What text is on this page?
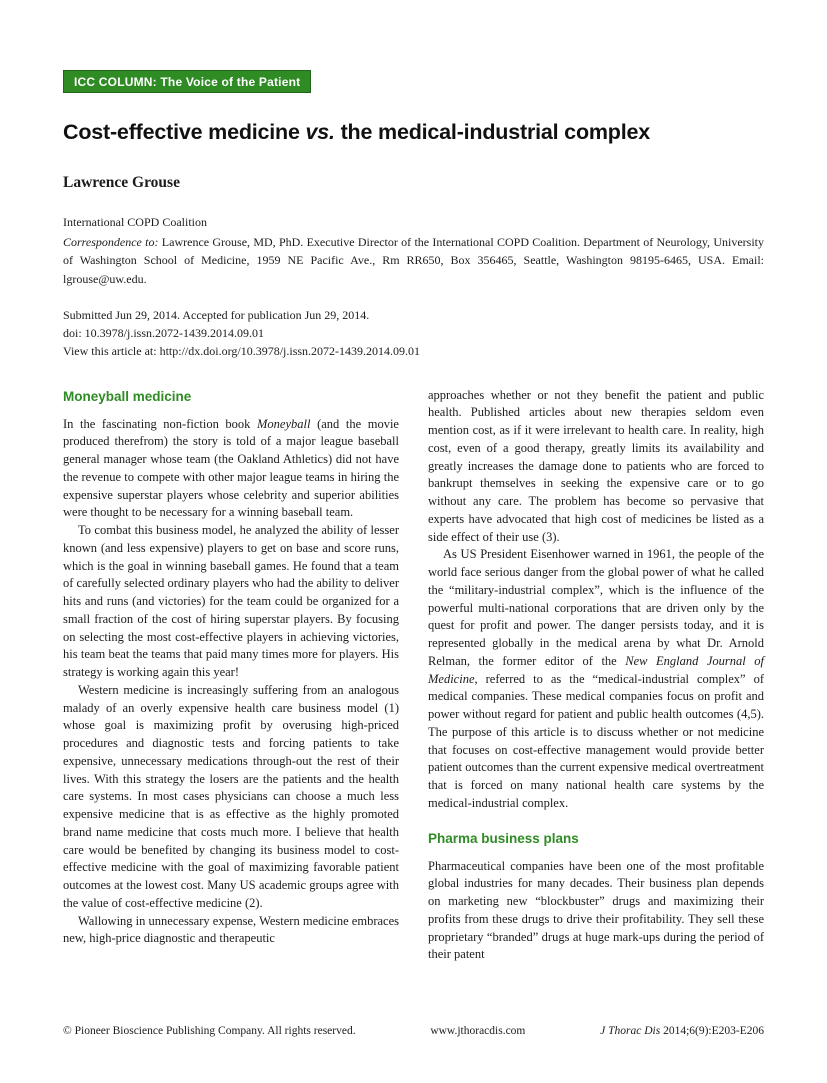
ICC COLUMN: The Voice of the Patient
Cost-effective medicine vs. the medical-industrial complex
Lawrence Grouse
International COPD Coalition

Correspondence to: Lawrence Grouse, MD, PhD. Executive Director of the International COPD Coalition. Department of Neurology, University of Washington School of Medicine, 1959 NE Pacific Ave., Rm RR650, Box 356465, Seattle, Washington 98195-6465, USA. Email: lgrouse@uw.edu.

Submitted Jun 29, 2014. Accepted for publication Jun 29, 2014.

doi: 10.3978/j.issn.2072-1439.2014.09.01

View this article at: http://dx.doi.org/10.3978/j.issn.2072-1439.2014.09.01

Moneyball medicine

In the fascinating non-fiction book Moneyball (and the movie produced therefrom) the story is told of a major league baseball general manager whose team (the Oakland Athletics) did not have the revenue to compete with other major league teams in hiring the expensive superstar players whose celebrity and superior abilities were thought to be necessary for a winning baseball team.

To combat this business model, he analyzed the ability of lesser known (and less expensive) players to get on base and score runs, which is the goal in winning baseball games. He found that a team of carefully selected ordinary players who had the ability to deliver hits and runs (and victories) for the team could be organized for a small fraction of the cost of hiring superstar players. By focusing on selecting the most cost-effective players in achieving victories, his team beat the teams that paid many times more for players. His strategy is working again this year!

Western medicine is increasingly suffering from an analogous malady of an overly expensive health care business model (1) whose goal is maximizing profit by overusing high-priced procedures and diagnostic tests and forcing patients to take expensive, unnecessary medications through-out the rest of their lives. With this strategy the losers are the patients and the health care systems. In most cases physicians can choose a much less expensive medicine that is as effective as the highly promoted brand name medicine that costs much more. I believe that health care would be benefited by changing its business model to cost-effective medicine with the goal of maximizing favorable patient outcomes at the lowest cost. Many US academic groups agree with the value of cost-effective medicine (2).

Wallowing in unnecessary expense, Western medicine embraces new, high-price diagnostic and therapeutic

approaches whether or not they benefit the patient and public health. Published articles about new therapies seldom even mention cost, as if it were irrelevant to health care. In reality, high cost, even of a good therapy, greatly limits its availability and greatly increases the damage done to patients who are forced to bankrupt themselves in seeking the expensive care or to go without any care. The problem has become so pervasive that experts have advocated that high cost of medicines be listed as a side effect of their use (3).

As US President Eisenhower warned in 1961, the people of the world face serious danger from the global power of what he called the “military-industrial complex”, which is the influence of the powerful multi-national corporations that are driven only by the quest for profit and power. The danger persists today, and it is represented globally in the medical arena by what Dr. Arnold Relman, the former editor of the New England Journal of Medicine, referred to as the “medical-industrial complex” of medical companies. These medical companies focus on profit and power without regard for patient and public health outcomes (4,5). The purpose of this article is to discuss whether or not medicine that focuses on cost-effective management would provide better patient outcomes than the current expensive medical overtreatment that is forced on many national health care systems by the medical-industrial complex.

Pharma business plans

Pharmaceutical companies have been one of the most profitable global industries for many decades. Their business plan depends on marketing new “blockbuster” drugs and maximizing their profits from these drugs to drive their profitability. They sell these proprietary “branded” drugs at huge mark-ups during the period of their patent

© Pioneer Bioscience Publishing Company. All rights reserved.	www.jthoracdis.com	J Thorac Dis 2014;6(9):E203-E206
